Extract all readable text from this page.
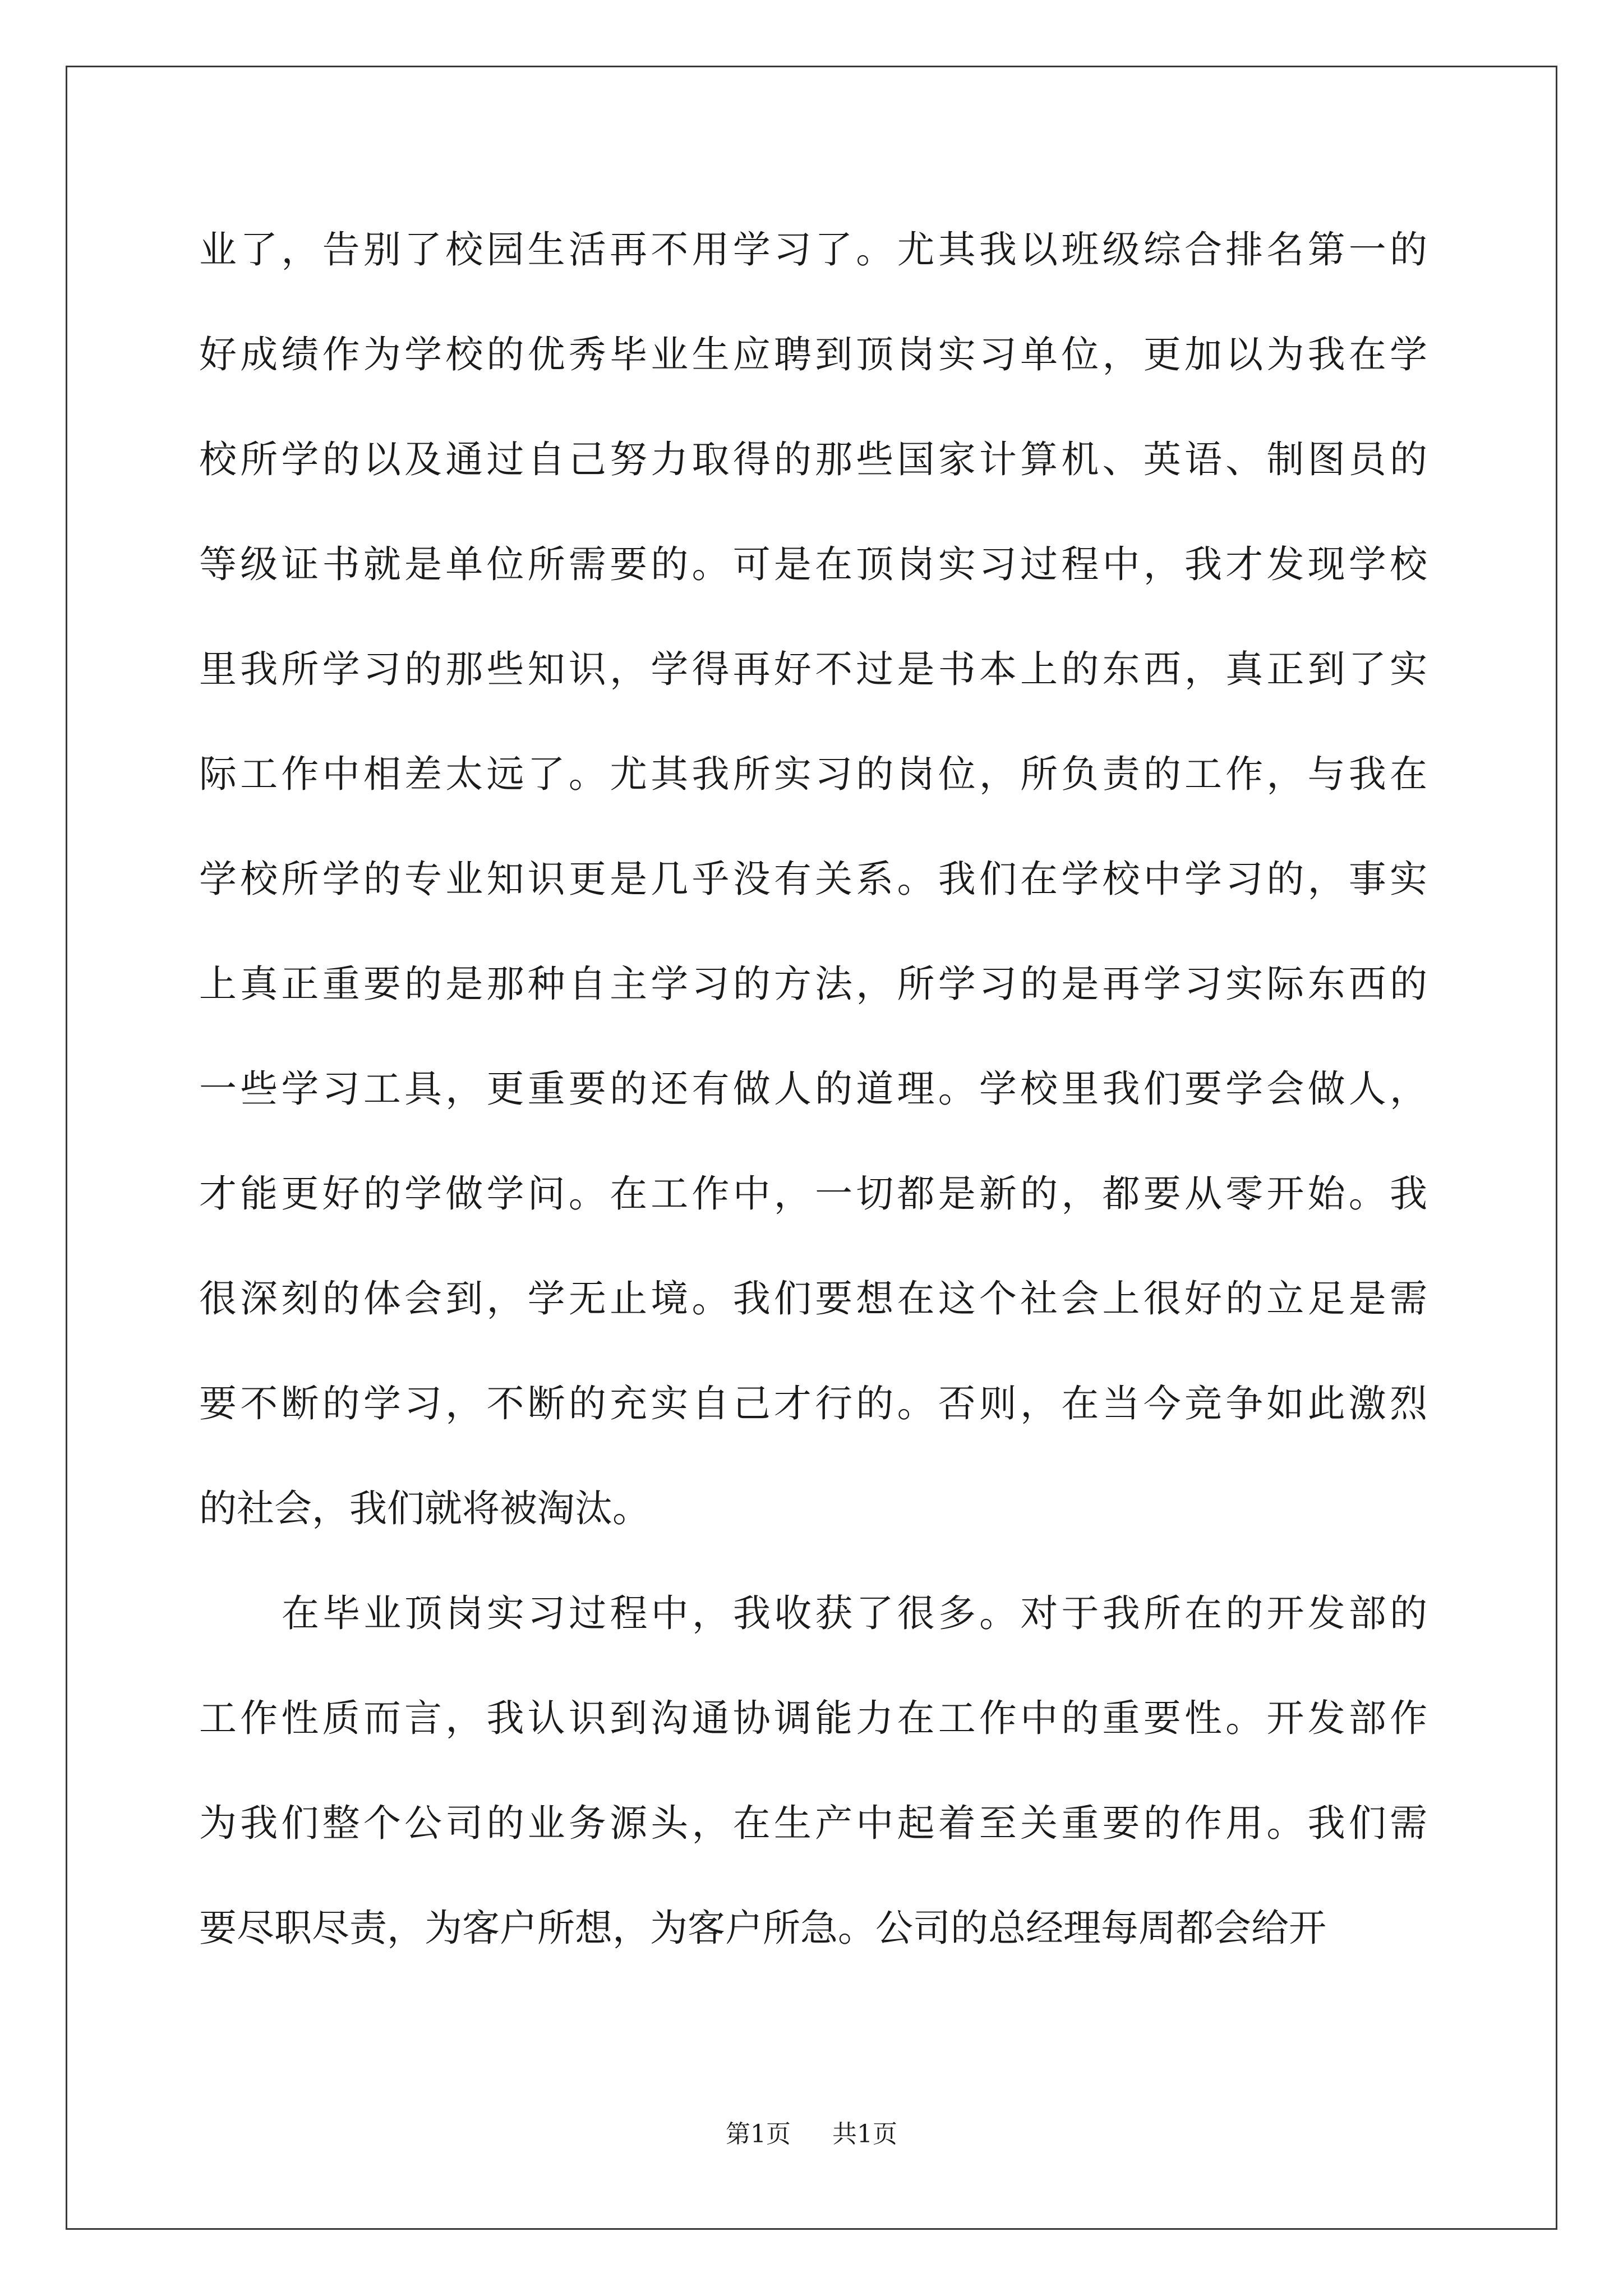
业了，告别了校园生活再不用学习了。尤其我以班级综合排名第一的
好成绩作为学校的优秀毕业生应聘到顶岗实习单位，更加以为我在学
校所学的以及通过自己努力取得的那些国家计算机、英语、制图员的
等级证书就是单位所需要的。可是在顶岗实习过程中，我才发现学校
里我所学习的那些知识，学得再好不过是书本上的东西，真正到了实
际工作中相差太远了。尤其我所实习的岗位，所负责的工作，与我在
学校所学的专业知识更是几乎没有关系。我们在学校中学习的，事实
上真正重要的是那种自主学习的方法，所学习的是再学习实际东西的
一些学习工具，更重要的还有做人的道理。学校里我们要学会做人，
才能更好的学做学问。在工作中，一切都是新的，都要从零开始。我
很深刻的体会到，学无止境。我们要想在这个社会上很好的立足是需
要不断的学习，不断的充实自己才行的。否则，在当今竞争如此激烈
的社会，我们就将被淘汰。
在毕业顶岗实习过程中，我收获了很多。对于我所在的开发部的
工作性质而言，我认识到沟通协调能力在工作中的重要性。开发部作
为我们整个公司的业务源头，在生产中起着至关重要的作用。我们需
要尽职尽责，为客户所想，为客户所急。公司的总经理每周都会给开
第1页 共1页
